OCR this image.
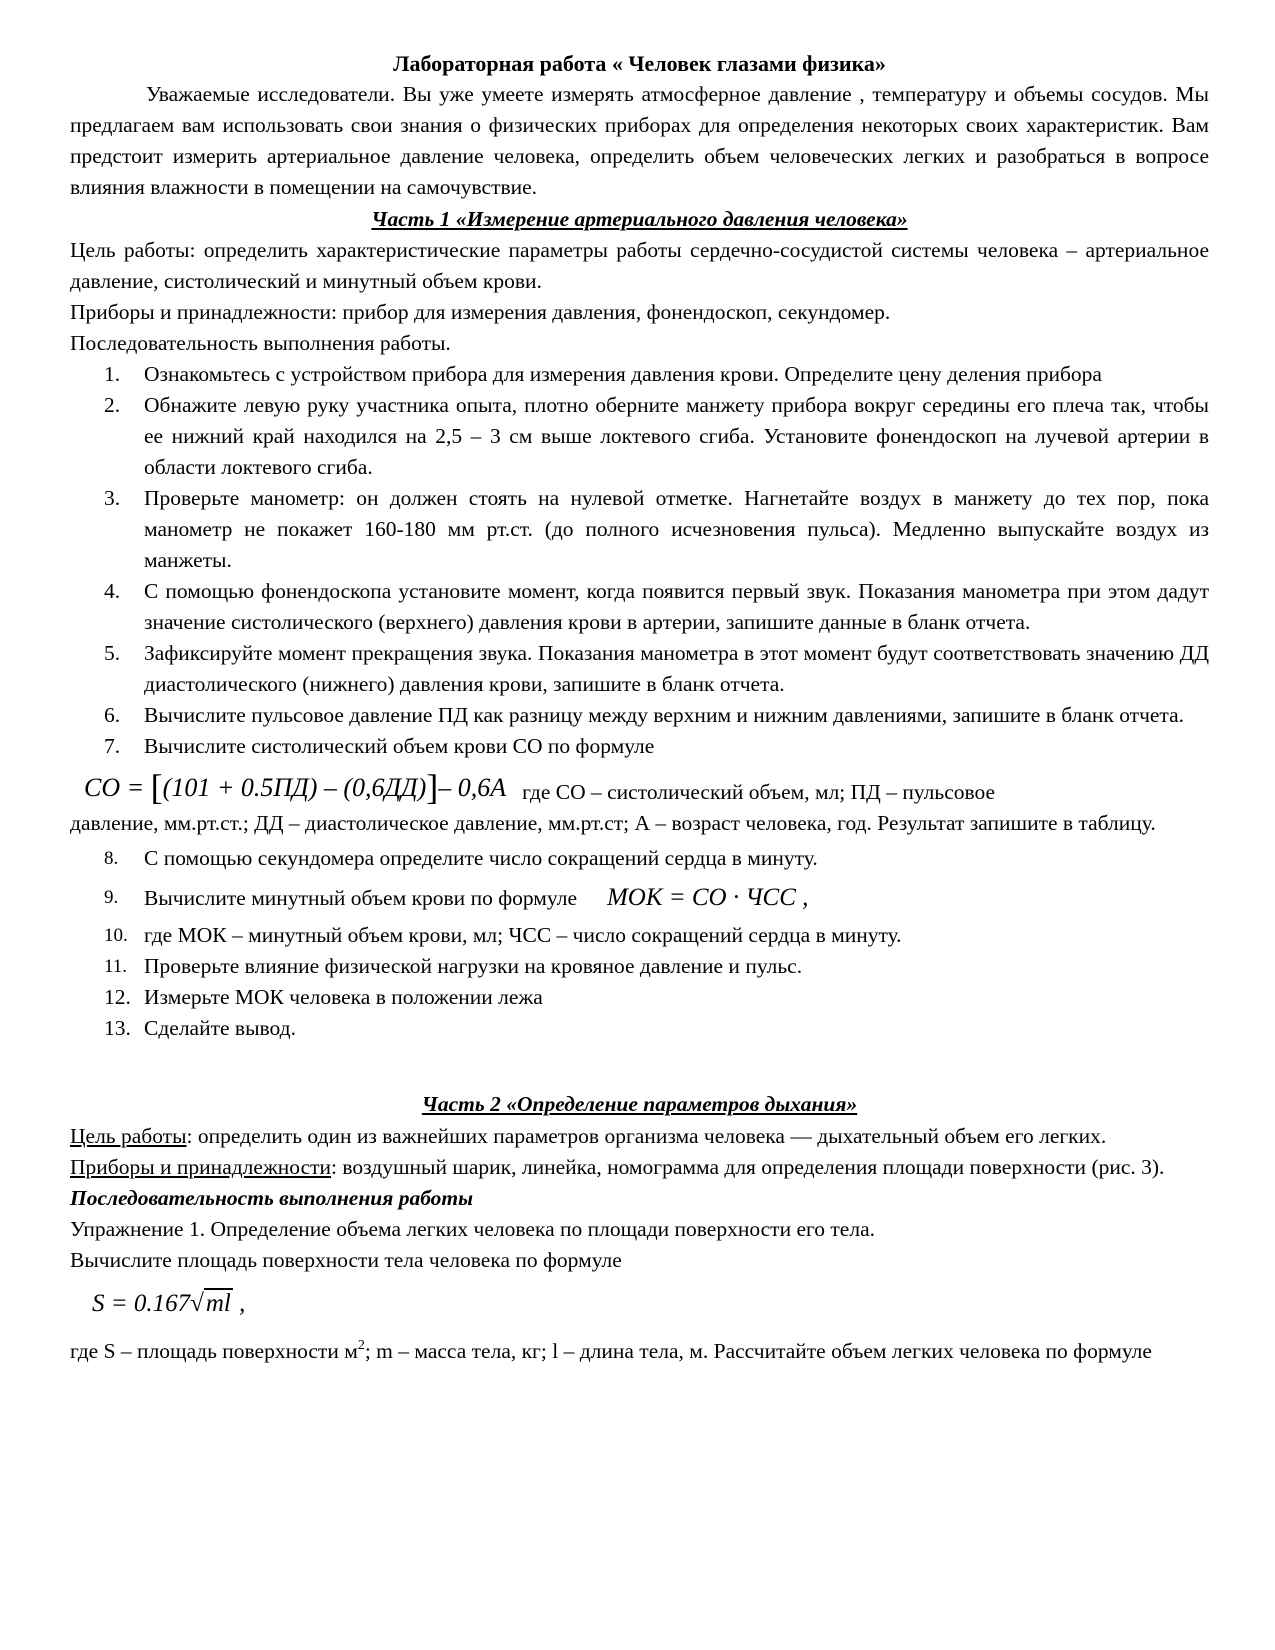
Лабораторная работа « Человек глазами физика»

Уважаемые исследователи. Вы уже умеете измерять атмосферное давление , температуру и объемы сосудов. Мы предлагаем вам использовать свои знания о физических приборах для определения некоторых своих характеристик. Вам предстоит измерить артериальное давление человека, определить объем человеческих легких и разобраться в вопросе влияния влажности в помещении на самочувствие.

Часть 1 «Измерение артериального давления человека»

Цель работы: определить характеристические параметры работы сердечно-сосудистой системы человека – артериальное давление, систолический и минутный объем крови.

Приборы и принадлежности: прибор для измерения давления, фонендоскоп, секундомер.

Последовательность выполнения работы.

1.	Ознакомьтесь с устройством прибора для измерения давления крови. Определите цену деления прибора
2.	Обнажите левую руку участника опыта, плотно оберните манжету прибора вокруг середины его плеча так, чтобы ее нижний край находился на 2,5 – 3 см выше локтевого сгиба. Установите фонендоскоп на лучевой артерии в области локтевого сгиба.
3.	Проверьте манометр: он должен стоять на нулевой отметке. Нагнетайте воздух в манжету до тех пор, пока манометр не покажет 160-180 мм рт.ст. (до полного исчезновения пульса). Медленно выпускайте воздух из манжеты.
4.	С помощью фонендоскопа установите момент, когда появится первый звук. Показания манометра при этом дадут значение систолического (верхнего) давления крови в артерии, запишите данные в бланк отчета.
5.	Зафиксируйте момент прекращения звука. Показания манометра в этот момент будут соответствовать значению ДД диастолического (нижнего) давления крови, запишите в бланк отчета.
6.	Вычислите пульсовое давление ПД как разницу между верхним и нижним давлениями, запишите в бланк отчета.
7.	Вычислите систолический объем крови СО по формуле
СО = [(101 + 0.5ПД) – (0,6ДД)]– 0,6А где СО – систолический объем, мл; ПД – пульсовое

давление, мм.рт.ст.; ДД – диастолическое давление, мм.рт.ст; А – возраст человека, год. Результат запишите в таблицу.

8.	С помощью секундомера определите число сокращений сердца в минуту.
9.	Вычислите минутный объем крови по формуле МОК = СО · ЧСС ,
10. где МОК – минутный объем крови, мл; ЧСС – число сокращений сердца в минуту.
11. Проверьте влияние физической нагрузки на кровяное давление и пульс.
12. Измерьте МОК человека в положении лежа
13. Сделайте вывод.

Часть 2 «Определение параметров дыхания»

Цель работы: определить один из важнейших параметров организма человека — дыхательный объем его легких.

Приборы и принадлежности: воздушный шарик, линейка, номограмма для определения площади поверхности (рис. 3).

Последовательность выполнения работы

Упражнение 1. Определение объема легких человека по площади поверхности его тела.

Вычислите площадь поверхности тела человека по формуле

S = 0.167√ml ,

где S – площадь поверхности $м^2$; m – масса тела, кг; l – длина тела, м. Рассчитайте объем легких человека по формуле
